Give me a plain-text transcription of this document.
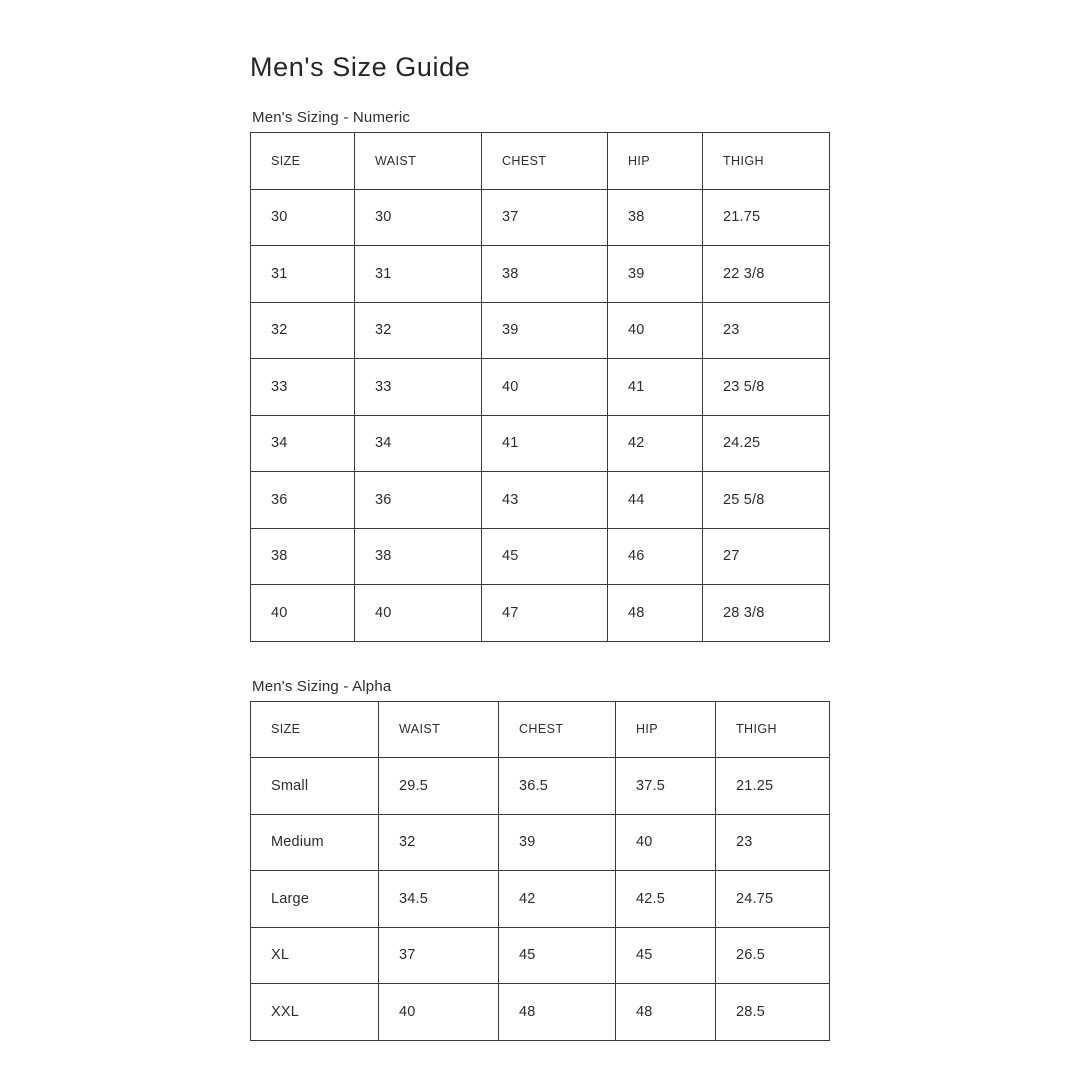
Men's Size Guide
Men's Sizing - Numeric
SIZE	WAIST	CHEST	HIP	THIGH
30	30	37	38	21.75
31	31	38	39	22 3/8
32	32	39	40	23
33	33	40	41	23 5/8
34	34	41	42	24.25
36	36	43	44	25 5/8
38	38	45	46	27
40	40	47	48	28 3/8
Men's Sizing - Alpha
SIZE	WAIST	CHEST	HIP	THIGH
Small	29.5	36.5	37.5	21.25
Medium	32	39	40	23
Large	34.5	42	42.5	24.75
XL	37	45	45	26.5
XXL	40	48	48	28.5
